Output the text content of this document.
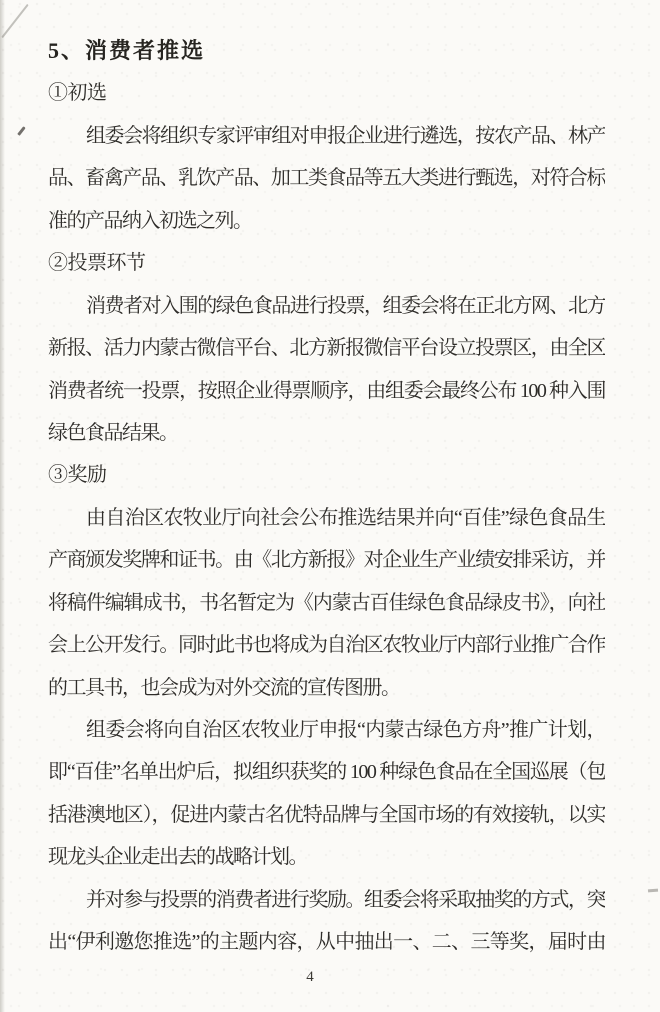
5、消费者推选
①初选
组委会将组织专家评审组对申报企业进行遴选，按农产品、林产
品、畜禽产品、乳饮产品、加工类食品等五大类进行甄选，对符合标
准的产品纳入初选之列。
②投票环节
消费者对入围的绿色食品进行投票，组委会将在正北方网、北方
新报、活力内蒙古微信平台、北方新报微信平台设立投票区，由全区
消费者统一投票，按照企业得票顺序，由组委会最终公布 100 种入围
绿色食品结果。
③奖励
由自治区农牧业厅向社会公布推选结果并向“百佳”绿色食品生
产商颁发奖牌和证书。由《北方新报》对企业生产业绩安排采访，并
将稿件编辑成书，书名暂定为《内蒙古百佳绿色食品绿皮书》，向社
会上公开发行。同时此书也将成为自治区农牧业厅内部行业推广合作
的工具书，也会成为对外交流的宣传图册。
组委会将向自治区农牧业厅申报“内蒙古绿色方舟”推广计划，
即“百佳”名单出炉后，拟组织获奖的 100 种绿色食品在全国巡展（包
括港澳地区），促进内蒙古名优特品牌与全国市场的有效接轨，以实
现龙头企业走出去的战略计划。
并对参与投票的消费者进行奖励。组委会将采取抽奖的方式，突
出“伊利邀您推选”的主题内容，从中抽出一、二、三等奖，届时由
4
